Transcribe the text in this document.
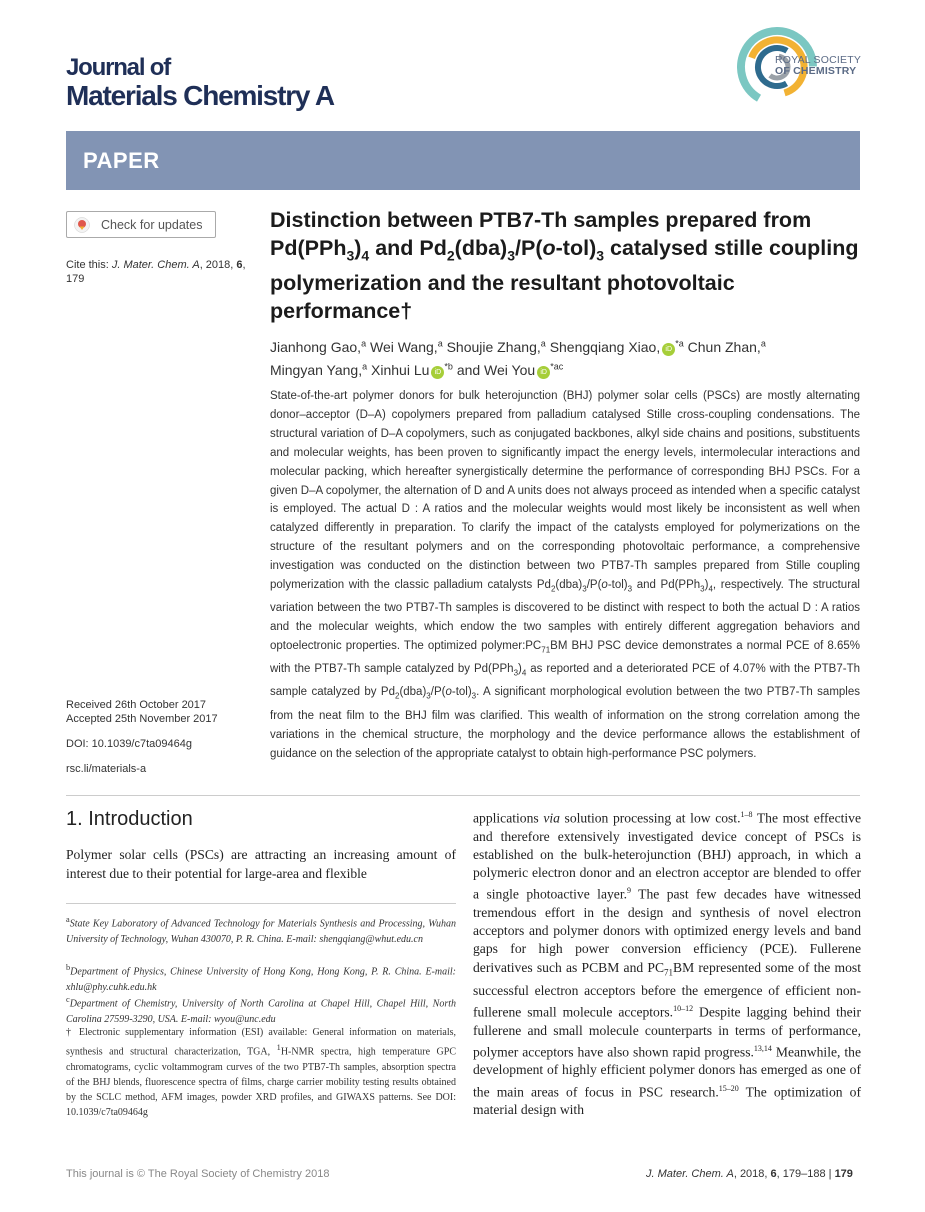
Journal of
Materials Chemistry A
ROYAL SOCIETY
OF CHEMISTRY
PAPER
Check for updates
Cite this: J. Mater. Chem. A, 2018, 6,
179
Distinction between PTB7-Th samples prepared from $Pd(PPh_3)_4$ and $Pd_2(dba)_3/P(o-tol)_3$ catalysed stille coupling polymerization and the resultant photovoltaic performance†
Jianhong Gao,$^a$ Wei Wang,$^a$ Shoujie Zhang,$^a$ Shengqiang Xiao, $iD^{*a}$ Chun Zhan,$^a$
Mingyan Yang,$^a$ Xinhui Lu $iD^{*b}$ and Wei You $iD^{*ac}$
State-of-the-art polymer donors for bulk heterojunction (BHJ) polymer solar cells (PSCs) are mostly alternating donor–acceptor (D–A) copolymers prepared from palladium catalysed Stille cross-coupling condensations. The structural variation of D–A copolymers, such as conjugated backbones, alkyl side chains and positions, substituents and molecular weights, has been proven to significantly impact the energy levels, intermolecular interactions and molecular packing, which hereafter synergistically determine the performance of corresponding BHJ PSCs. For a given D–A copolymer, the alternation of D and A units does not always proceed as intended when a specific catalyst is employed. The actual D : A ratios and the molecular weights would most likely be inconsistent as well when catalyzed differently in preparation. To clarify the impact of the catalysts employed for polymerizations on the structure of the resultant polymers and on the corresponding photovoltaic performance, a comprehensive investigation was conducted on the distinction between two PTB7-Th samples prepared from Stille coupling polymerization with the classic palladium catalysts $Pd_2(dba)_3/P(o-tol)_3$ and $Pd(PPh_3)_4$, respectively. The structural variation between the two PTB7-Th samples is discovered to be distinct with respect to both the actual D : A ratios and the molecular weights, which endow the two samples with entirely different aggregation behaviors and optoelectronic properties. The optimized $polymer:PC_{71}BM$ BHJ PSC device demonstrates a normal PCE of 8.65% with the PTB7-Th sample catalyzed by $Pd(PPh_3)_4$ as reported and a deteriorated PCE of 4.07% with the PTB7-Th sample catalyzed by $Pd_2(dba)_3/P(o-tol)_3$. A significant morphological evolution between the two PTB7-Th samples from the neat film to the BHJ film was clarified. This wealth of information on the strong correlation among the variations in the chemical structure, the morphology and the device performance allows the establishment of guidance on the selection of the appropriate catalyst to obtain high-performance PSC polymers.
Received 26th October 2017
Accepted 25th November 2017
DOI: 10.1039/c7ta09464g
rsc.li/materials-a
1. Introduction
Polymer solar cells (PSCs) are attracting an increasing amount of interest due to their potential for large-area and flexible
$^a$State Key Laboratory of Advanced Technology for Materials Synthesis and Processing, Wuhan University of Technology, Wuhan 430070, P. R. China. E-mail: shengqiang@whut.edu.cn
$^b$Department of Physics, Chinese University of Hong Kong, Hong Kong, P. R. China. E-mail: xhlu@phy.cuhk.edu.hk
$^c$Department of Chemistry, University of North Carolina at Chapel Hill, Chapel Hill, North Carolina 27599-3290, USA. E-mail: wyou@unc.edu
† Electronic supplementary information (ESI) available: General information on materials, synthesis and structural characterization, TGA, $^1$H-NMR spectra, high temperature GPC chromatograms, cyclic voltammogram curves of the two PTB7-Th samples, absorption spectra of the BHJ blends, fluorescence spectra of films, charge carrier mobility testing results obtained by the SCLC method, AFM images, powder XRD profiles, and GIWAXS patterns. See DOI: 10.1039/c7ta09464g
applications via solution processing at low cost.$^{1-8}$ The most effective and therefore extensively investigated device concept of PSCs is established on the bulk-heterojunction (BHJ) approach, in which a polymeric electron donor and an electron acceptor are blended to offer a single photoactive layer.$^9$ The past few decades have witnessed tremendous effort in the design and synthesis of novel electron acceptors and polymer donors with optimized energy levels and band gaps for high power conversion efficiency (PCE). Fullerene derivatives such as PCBM and $PC_{71}BM$ represented some of the most successful electron acceptors before the emergence of efficient non-fullerene small molecule acceptors.$^{10-12}$ Despite lagging behind their fullerene and small molecule counterparts in terms of performance, polymer acceptors have also shown rapid progress.$^{13,14}$ Meanwhile, the development of highly efficient polymer donors has emerged as one of the main areas of focus in PSC research.$^{15-20}$ The optimization of material design with
This journal is © The Royal Society of Chemistry 2018	J. Mater. Chem. A, 2018, 6, 179–188 | 179
